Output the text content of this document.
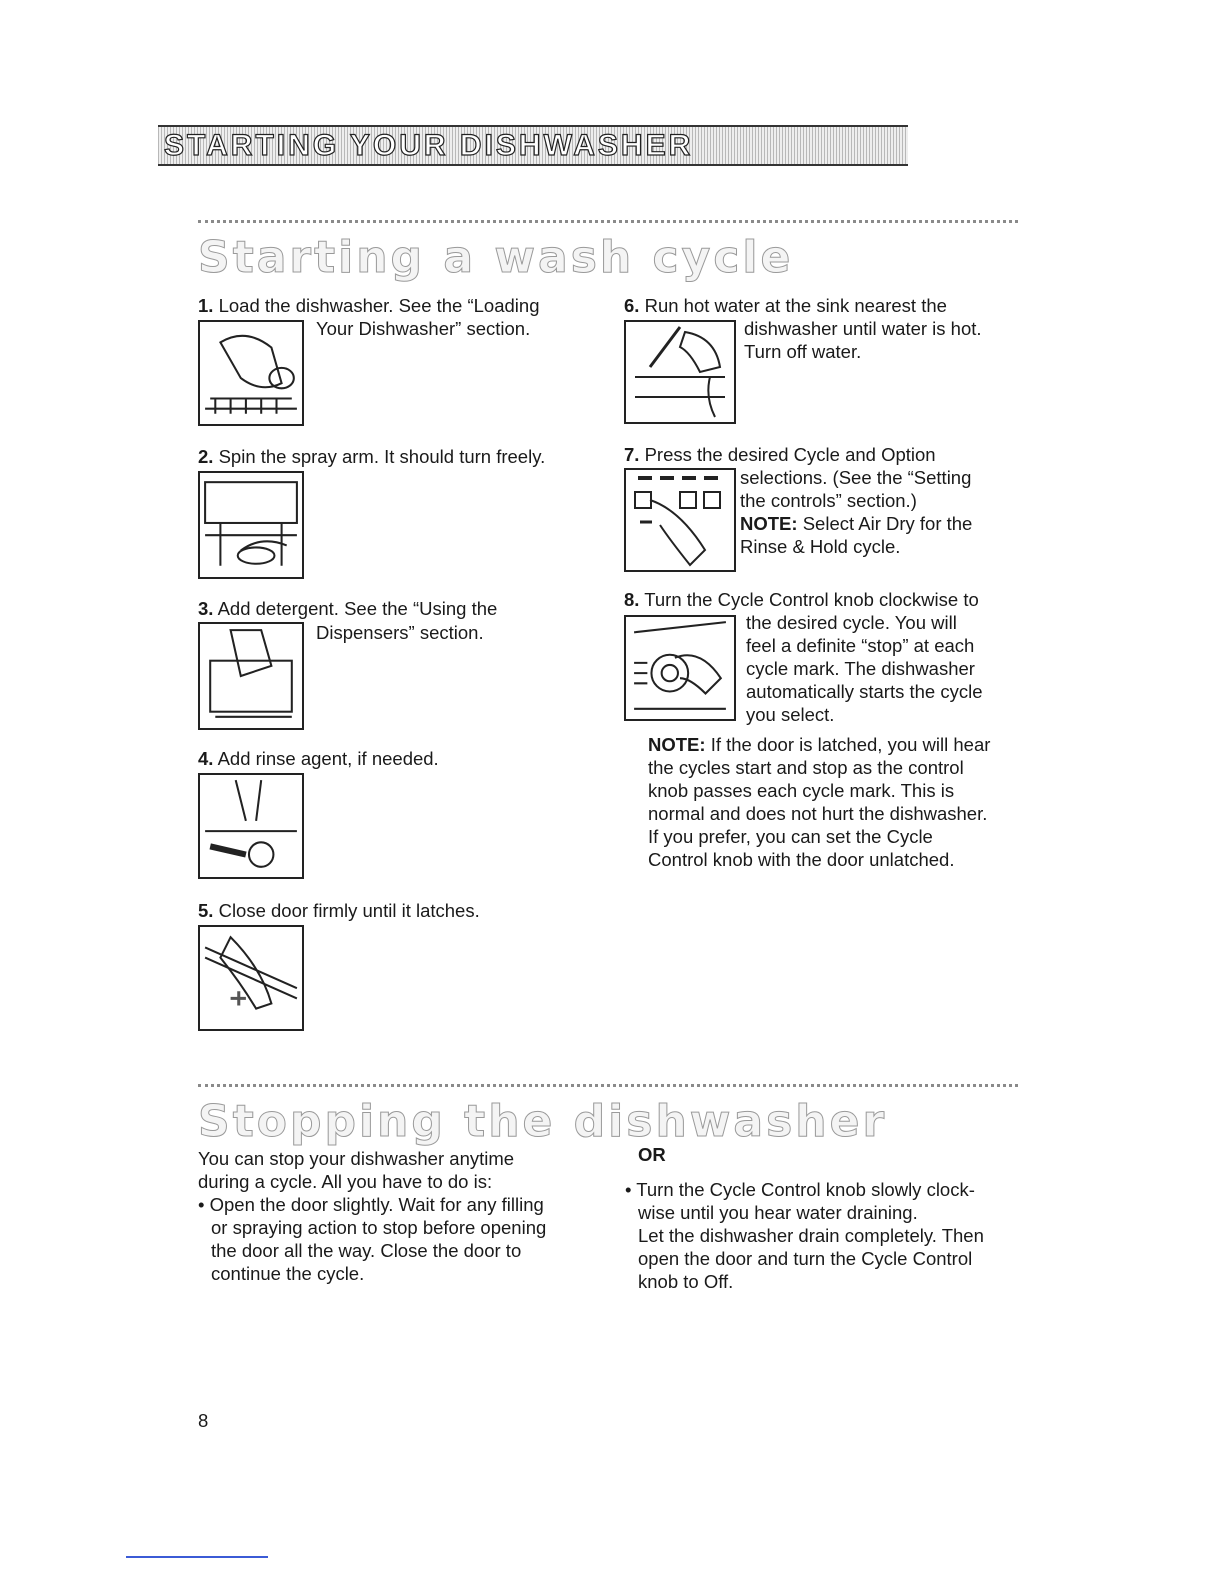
STARTING YOUR DISHWASHER
Starting a wash cycle
1. Load the dishwasher. See the “Loading
Your Dishwasher” section.
2. Spin the spray arm. It should turn freely.
3. Add detergent. See the “Using the
Dispensers” section.
4. Add rinse agent, if needed.
5. Close door firmly until it latches.
6. Run hot water at the sink nearest the
dishwasher until water is hot.
Turn off water.
7. Press the desired Cycle and Option
selections. (See the “Setting
the controls” section.)
NOTE: Select Air Dry for the
Rinse & Hold cycle.
8. Turn the Cycle Control knob clockwise to
the desired cycle. You will
feel a definite “stop” at each
cycle mark. The dishwasher
automatically starts the cycle
you select.
NOTE: If the door is latched, you will hear
the cycles start and stop as the control
knob passes each cycle mark. This is
normal and does not hurt the dishwasher.
If you prefer, you can set the Cycle
Control knob with the door unlatched.
Stopping the dishwasher
You can stop your dishwasher anytime
during a cycle. All you have to do is:
• Open the door slightly. Wait for any filling
or spraying action to stop before opening
the door all the way. Close the door to
continue the cycle.
OR
• Turn the Cycle Control knob slowly clock-
wise until you hear water draining.
Let the dishwasher drain completely. Then
open the door and turn the Cycle Control
knob to Off.
8
